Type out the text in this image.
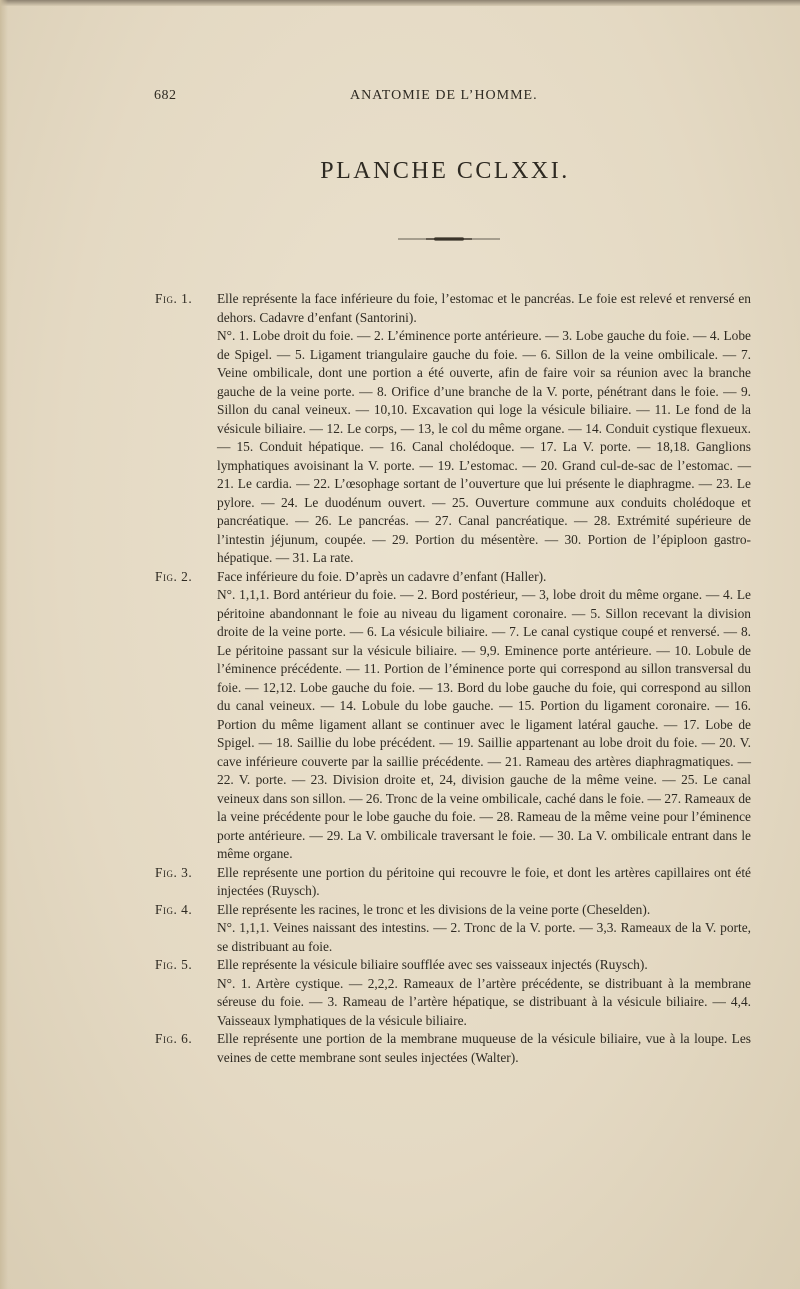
682	ANATOMIE DE L’HOMME.
PLANCHE CCLXXI.
Fig. 1.	Elle représente la face inférieure du foie, l’estomac et le pancréas. Le foie est relevé et renversé en dehors. Cadavre d’enfant (Santorini).
N°. 1. Lobe droit du foie. — 2. L’éminence porte antérieure. — 3. Lobe gauche du foie. — 4. Lobe de Spigel. — 5. Ligament triangulaire gauche du foie. — 6. Sillon de la veine ombilicale. — 7. Veine ombilicale, dont une portion a été ouverte, afin de faire voir sa réunion avec la branche gauche de la veine porte. — 8. Orifice d’une branche de la V. porte, pénétrant dans le foie. — 9. Sillon du canal veineux. — 10,10. Excavation qui loge la vésicule biliaire. — 11. Le fond de la vésicule biliaire. — 12. Le corps, — 13, le col du même organe. — 14. Conduit cystique flexueux. — 15. Conduit hépatique. — 16. Canal cholédoque. — 17. La V. porte. — 18,18. Ganglions lymphatiques avoisinant la V. porte. — 19. L’estomac. — 20. Grand cul-de-sac de l’estomac. — 21. Le cardia. — 22. L’œsophage sortant de l’ouverture que lui présente le diaphragme. — 23. Le pylore. — 24. Le duodénum ouvert. — 25. Ouverture commune aux conduits cholédoque et pancréatique. — 26. Le pancréas. — 27. Canal pancréatique. — 28. Extrémité supérieure de l’intestin jéjunum, coupée. — 29. Portion du mésentère. — 30. Portion de l’épiploon gastro-hépatique. — 31. La rate.
Fig. 2.	Face inférieure du foie. D’après un cadavre d’enfant (Haller).
N°. 1,1,1. Bord antérieur du foie. — 2. Bord postérieur, — 3, lobe droit du même organe. — 4. Le péritoine abandonnant le foie au niveau du ligament coronaire. — 5. Sillon recevant la division droite de la veine porte. — 6. La vésicule biliaire. — 7. Le canal cystique coupé et renversé. — 8. Le péritoine passant sur la vésicule biliaire. — 9,9. Eminence porte antérieure. — 10. Lobule de l’éminence précédente. — 11. Portion de l’éminence porte qui correspond au sillon transversal du foie. — 12,12. Lobe gauche du foie. — 13. Bord du lobe gauche du foie, qui correspond au sillon du canal veineux. — 14. Lobule du lobe gauche. — 15. Portion du ligament coronaire. — 16. Portion du même ligament allant se continuer avec le ligament latéral gauche. — 17. Lobe de Spigel. — 18. Saillie du lobe précédent. — 19. Saillie appartenant au lobe droit du foie. — 20. V. cave inférieure couverte par la saillie précédente. — 21. Rameau des artères diaphragmatiques. — 22. V. porte. — 23. Division droite et, 24, division gauche de la même veine. — 25. Le canal veineux dans son sillon. — 26. Tronc de la veine ombilicale, caché dans le foie. — 27. Rameaux de la veine précédente pour le lobe gauche du foie. — 28. Rameau de la même veine pour l’éminence porte antérieure. — 29. La V. ombilicale traversant le foie. — 30. La V. ombilicale entrant dans le même organe.
Fig. 3.	Elle représente une portion du péritoine qui recouvre le foie, et dont les artères capillaires ont été injectées (Ruysch).
Fig. 4.	Elle représente les racines, le tronc et les divisions de la veine porte (Cheselden).
N°. 1,1,1. Veines naissant des intestins. — 2. Tronc de la V. porte. — 3,3. Rameaux de la V. porte, se distribuant au foie.
Fig. 5.	Elle représente la vésicule biliaire soufflée avec ses vaisseaux injectés (Ruysch).
N°. 1. Artère cystique. — 2,2,2. Rameaux de l’artère précédente, se distribuant à la membrane séreuse du foie. — 3. Rameau de l’artère hépatique, se distribuant à la vésicule biliaire. — 4,4. Vaisseaux lymphatiques de la vésicule biliaire.
Fig. 6.	Elle représente une portion de la membrane muqueuse de la vésicule biliaire, vue à la loupe. Les veines de cette membrane sont seules injectées (Walter).
